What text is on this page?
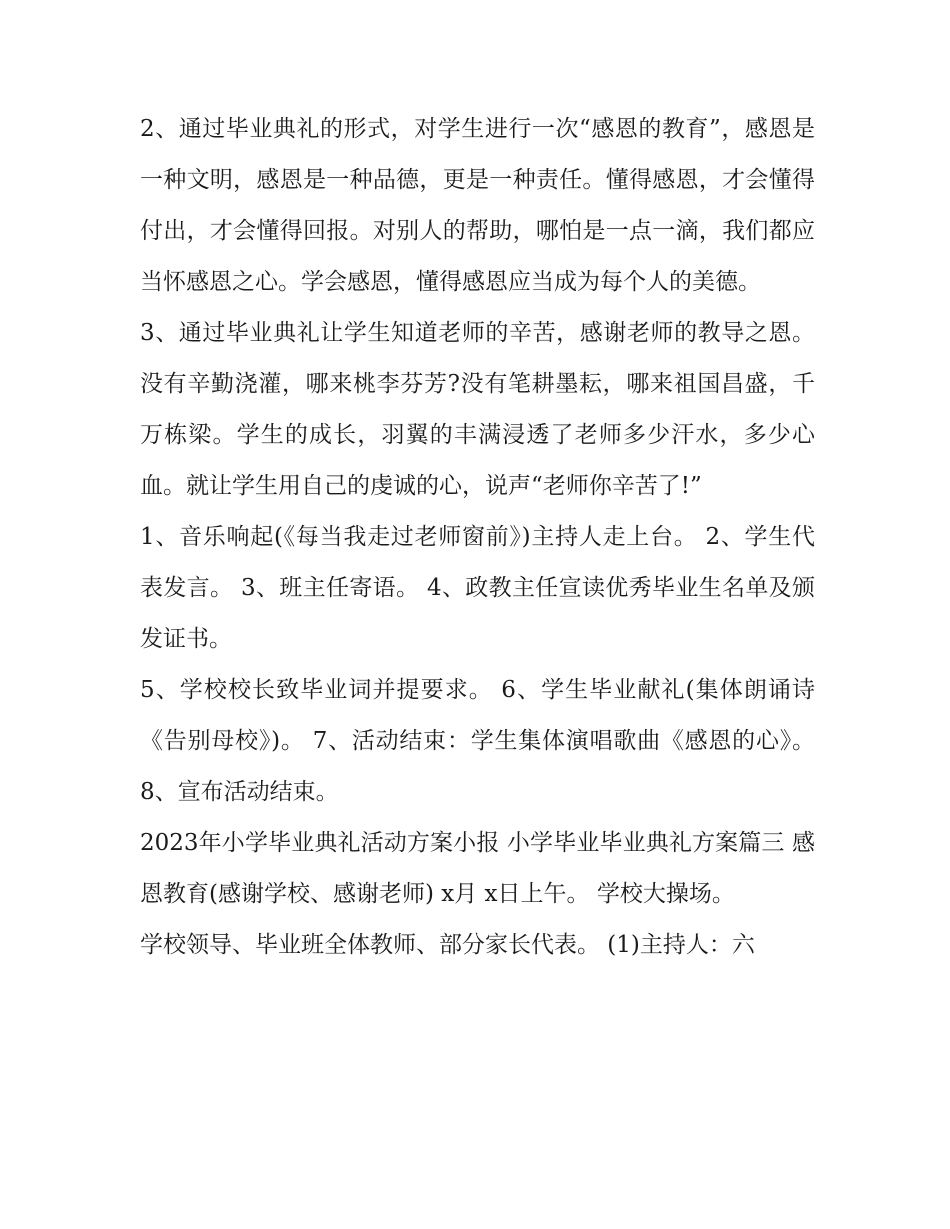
2、通过毕业典礼的形式，对学生进行一次“感恩的教育”，感恩是一种文明，感恩是一种品德，更是一种责任。懂得感恩，才会懂得付出，才会懂得回报。对别人的帮助，哪怕是一点一滴，我们都应当怀感恩之心。学会感恩，懂得感恩应当成为每个人的美德。

3、通过毕业典礼让学生知道老师的辛苦，感谢老师的教导之恩。没有辛勤浇灌，哪来桃李芬芳?没有笔耕墨耘，哪来祖国昌盛，千万栋梁。学生的成长，羽翼的丰满浸透了老师多少汗水，多少心血。就让学生用自己的虔诚的心，说声“老师你辛苦了!”

1、音乐响起(《每当我走过老师窗前》)主持人走上台。 2、学生代表发言。 3、班主任寄语。 4、政教主任宣读优秀毕业生名单及颁发证书。

5、学校校长致毕业词并提要求。 6、学生毕业献礼(集体朗诵诗《告别母校》)。 7、活动结束：学生集体演唱歌曲《感恩的心》。 8、宣布活动结束。

2023年小学毕业典礼活动方案小报 小学毕业毕业典礼方案篇三 感恩教育(感谢学校、感谢老师) x月 x日上午。 学校大操场。

学校领导、毕业班全体教师、部分家长代表。 (1)主持人：六
